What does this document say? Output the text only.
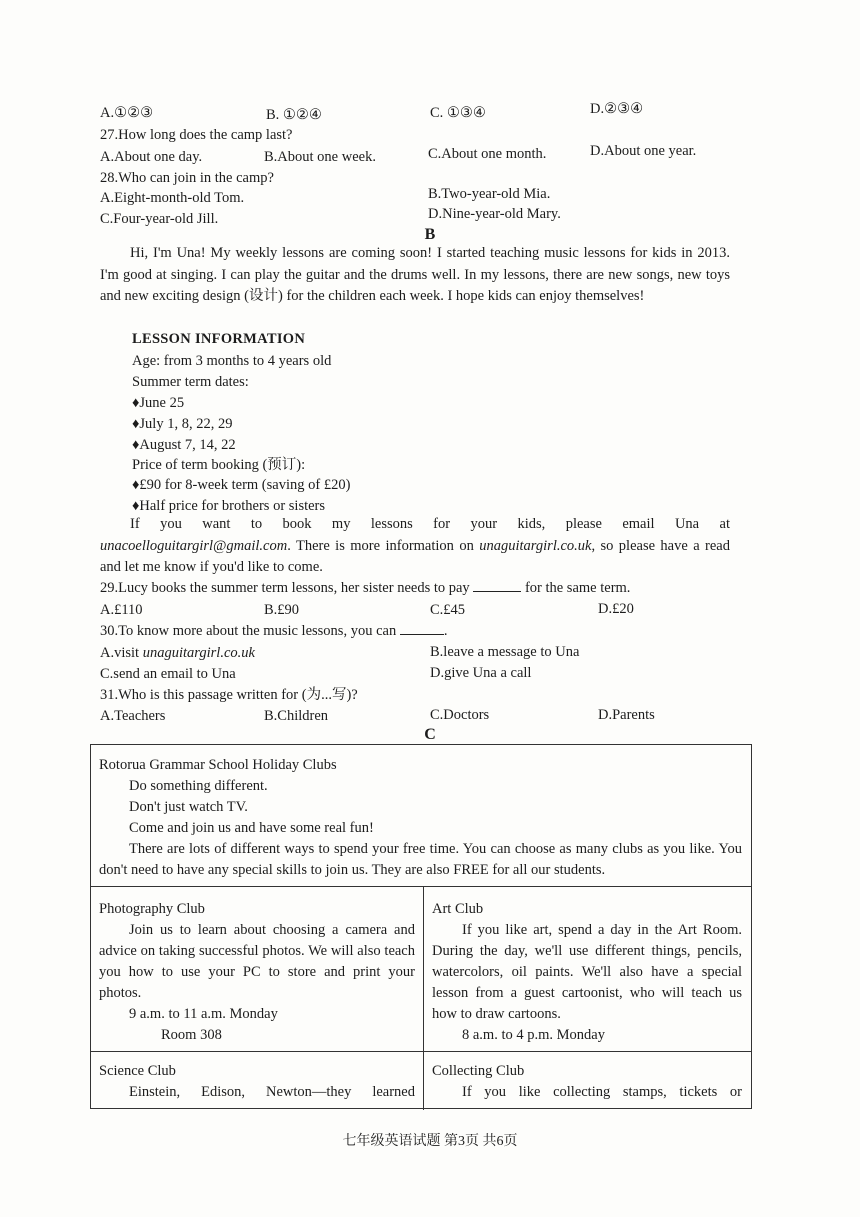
A.①②③	B. ①②④	C. ①③④	D.②③④
27.How long does the camp last?
A.About one day.	B.About one week.	C.About one month.	D.About one year.
28.Who can join in the camp?
A.Eight-month-old Tom.	B.Two-year-old Mia.
C.Four-year-old Jill.	D.Nine-year-old Mary.
B
Hi, I'm Una! My weekly lessons are coming soon! I started teaching music lessons for kids in 2013. I'm good at singing. I can play the guitar and the drums well. In my lessons, there are new songs, new toys and new exciting design (设计) for the children each week. I hope kids can enjoy themselves!
LESSON INFORMATION
Age: from 3 months to 4 years old
Summer term dates:
♦June 25
♦July 1, 8, 22, 29
♦August 7, 14, 22
Price of term booking (预订):
♦£90 for 8-week term (saving of £20)
♦Half price for brothers or sisters
If you want to book my lessons for your kids, please email Una at
unacoelloguitargirl@gmail.com. There is more information on unaguitargirl.co.uk, so please have a read and let me know if you'd like to come.
29.Lucy books the summer term lessons, her sister needs to pay	for the same term.
A.£110	B.£90	C.£45	D.£20
30.To know more about the music lessons, you can	.
A.visit unaguitargirl.co.uk	B.leave a message to Una
C.send an email to Una	D.give Una a call
31.Who is this passage written for (为...写)?
A.Teachers	B.Children	C.Doctors	D.Parents
C

Rotorua Grammar School Holiday Clubs

Do something different.

Don't just watch TV.

Come and join us and have some real fun!

There are lots of different ways to spend your free time. You can choose as many clubs as you like. You don't need to have any special skills to join us. They are also FREE for all our students.

Photography Club

Join us to learn about choosing a camera and advice on taking successful photos. We will also teach you how to use your PC to store and print your photos.

9 a.m. to 11 a.m. Monday

Room 308

Art Club

If you like art, spend a day in the Art Room. During the day, we'll use different things, pencils, watercolors, oil paints. We'll also have a special lesson from a guest cartoonist, who will teach us how to draw cartoons.

8 a.m. to 4 p.m. Monday

Science Club

Einstein, Edison, Newton—they learned

Collecting Club

If you like collecting stamps, tickets or

七年级英语试题 第3页 共6页
